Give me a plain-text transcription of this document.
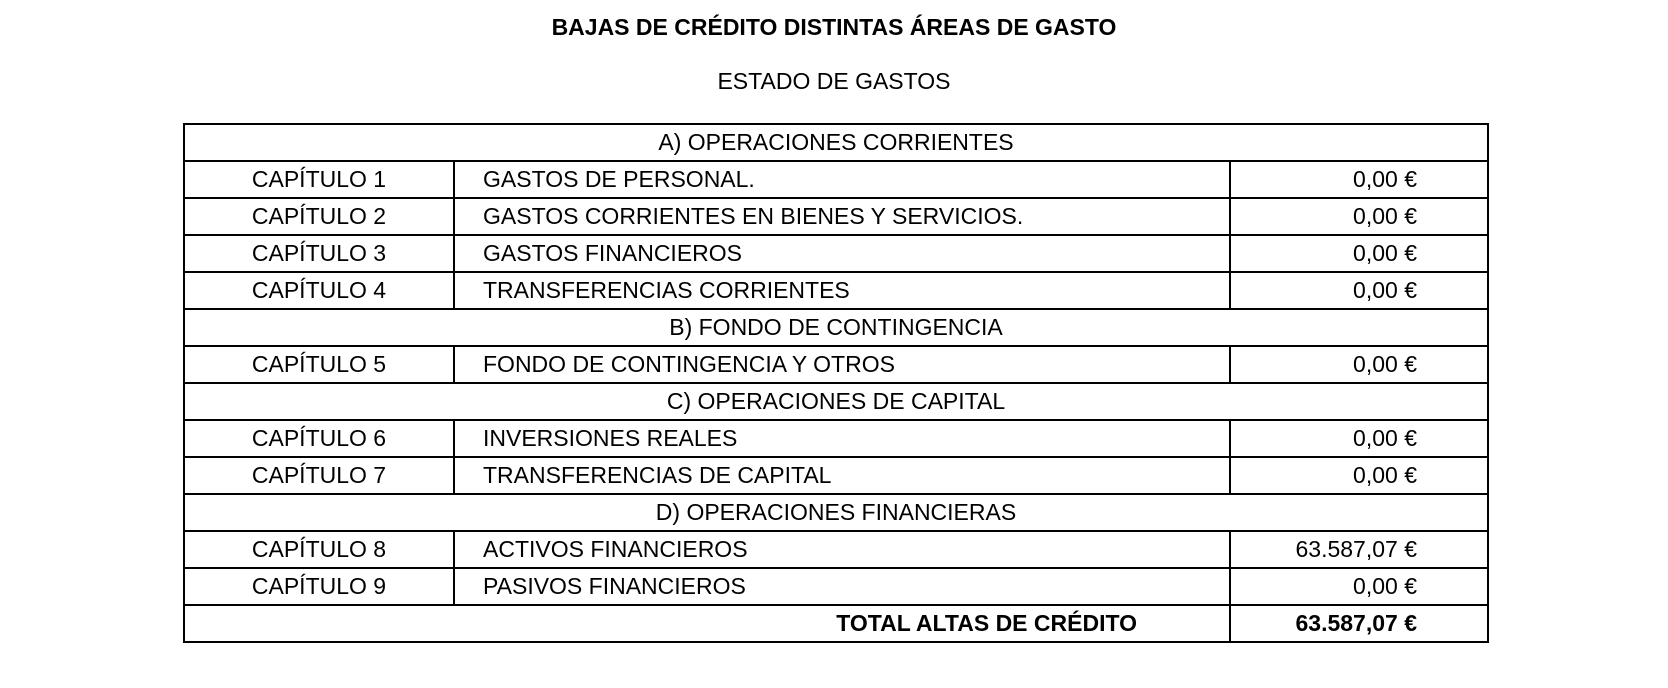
BAJAS DE CRÉDITO DISTINTAS ÁREAS DE GASTO
ESTADO DE GASTOS
A) OPERACIONES CORRIENTES		
CAPÍTULO 1	GASTOS DE PERSONAL.	0,00 €
CAPÍTULO 2	GASTOS CORRIENTES EN BIENES Y SERVICIOS.	0,00 €
CAPÍTULO 3	GASTOS FINANCIEROS	0,00 €
CAPÍTULO 4	TRANSFERENCIAS CORRIENTES	0,00 €
B) FONDO DE CONTINGENCIA		
CAPÍTULO 5	FONDO DE CONTINGENCIA Y OTROS	0,00 €
C) OPERACIONES DE CAPITAL		
CAPÍTULO 6	INVERSIONES REALES	0,00 €
CAPÍTULO 7	TRANSFERENCIAS DE CAPITAL	0,00 €
D) OPERACIONES FINANCIERAS		
CAPÍTULO 8	ACTIVOS FINANCIEROS	63.587,07 €
CAPÍTULO 9	PASIVOS FINANCIEROS	0,00 €
TOTAL ALTAS DE CRÉDITO		63.587,07 €
